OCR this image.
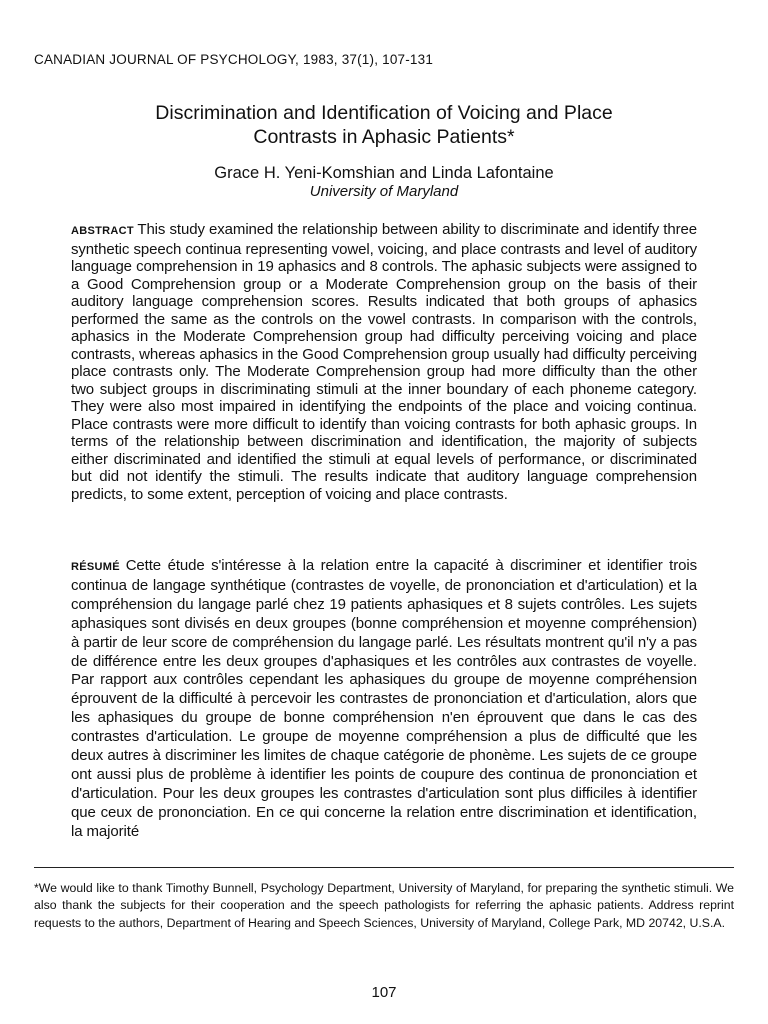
CANADIAN JOURNAL OF PSYCHOLOGY, 1983, 37(1), 107-131
Discrimination and Identification of Voicing and Place
Contrasts in Aphasic Patients*
Grace H. Yeni-Komshian and Linda Lafontaine
University of Maryland
ABSTRACT This study examined the relationship between ability to discriminate and identify three synthetic speech continua representing vowel, voicing, and place contrasts and level of auditory language comprehension in 19 aphasics and 8 controls. The aphasic subjects were assigned to a Good Comprehension group or a Moderate Comprehension group on the basis of their auditory language comprehension scores. Results indicated that both groups of aphasics performed the same as the controls on the vowel contrasts. In comparison with the controls, aphasics in the Moderate Comprehension group had difficulty perceiving voicing and place contrasts, whereas aphasics in the Good Comprehension group usually had difficulty perceiving place contrasts only. The Moderate Comprehension group had more difficulty than the other two subject groups in discriminating stimuli at the inner boundary of each phoneme category. They were also most impaired in identifying the endpoints of the place and voicing continua. Place contrasts were more difficult to identify than voicing contrasts for both aphasic groups. In terms of the relationship between discrimination and identification, the majority of subjects either discriminated and identified the stimuli at equal levels of performance, or discriminated but did not identify the stimuli. The results indicate that auditory language comprehension predicts, to some extent, perception of voicing and place contrasts.
RÉSUMÉ Cette étude s'intéresse à la relation entre la capacité à discriminer et identifier trois continua de langage synthétique (contrastes de voyelle, de prononciation et d'articulation) et la compréhension du langage parlé chez 19 patients aphasiques et 8 sujets contrôles. Les sujets aphasiques sont divisés en deux groupes (bonne compréhension et moyenne compréhension) à partir de leur score de compréhension du langage parlé. Les résultats montrent qu'il n'y a pas de différence entre les deux groupes d'aphasiques et les contrôles aux contrastes de voyelle. Par rapport aux contrôles cependant les aphasiques du groupe de moyenne compréhension éprouvent de la difficulté à percevoir les contrastes de prononciation et d'articulation, alors que les aphasiques du groupe de bonne compréhension n'en éprouvent que dans le cas des contrastes d'articulation. Le groupe de moyenne compréhension a plus de difficulté que les deux autres à discriminer les limites de chaque catégorie de phonème. Les sujets de ce groupe ont aussi plus de problème à identifier les points de coupure des continua de prononciation et d'articulation. Pour les deux groupes les contrastes d'articulation sont plus difficiles à identifier que ceux de prononciation. En ce qui concerne la relation entre discrimination et identification, la majorité
*We would like to thank Timothy Bunnell, Psychology Department, University of Maryland, for preparing the synthetic stimuli. We also thank the subjects for their cooperation and the speech pathologists for referring the aphasic patients. Address reprint requests to the authors, Department of Hearing and Speech Sciences, University of Maryland, College Park, MD 20742, U.S.A.
107
